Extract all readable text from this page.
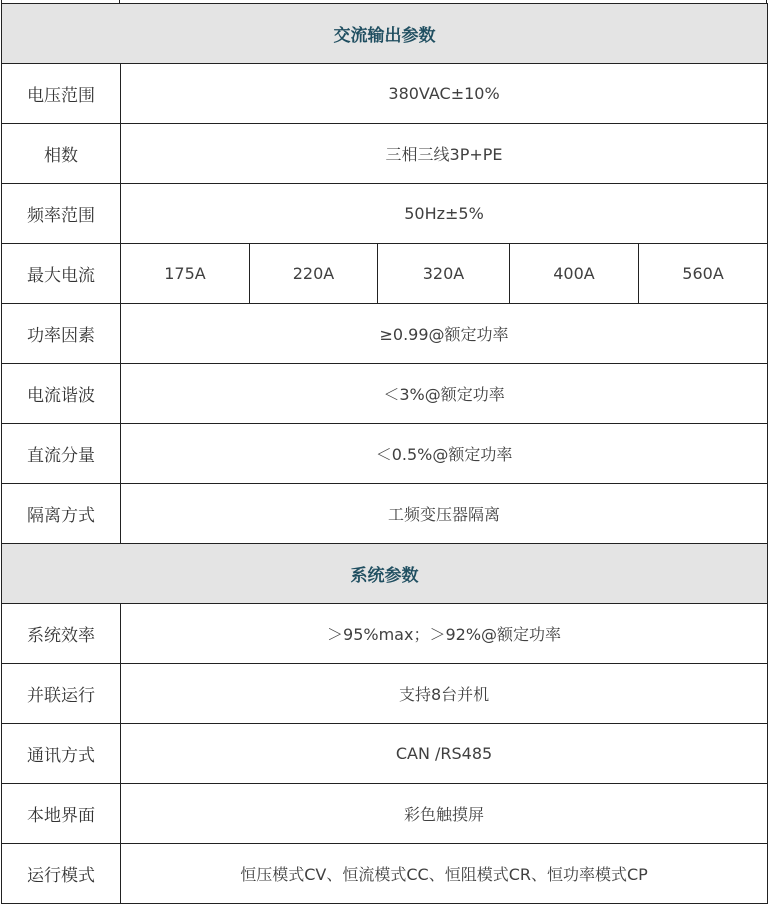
交流输出参数					
电压范围	380VAC±10%				
相数	三相三线3P+PE				
频率范围	50Hz±5%				
最大电流	175A	220A	320A	400A	560A
功率因素	≥0.99@额定功率				
电流谐波	＜3%@额定功率				
直流分量	＜0.5%@额定功率				
隔离方式	工频变压器隔离				
系统参数					
系统效率	＞95%max；＞92%@额定功率				
并联运行	支持8台并机				
通讯方式	CAN /RS485				
本地界面	彩色触摸屏				
运行模式	恒压模式CV、恒流模式CC、恒阻模式CR、恒功率模式CP				
